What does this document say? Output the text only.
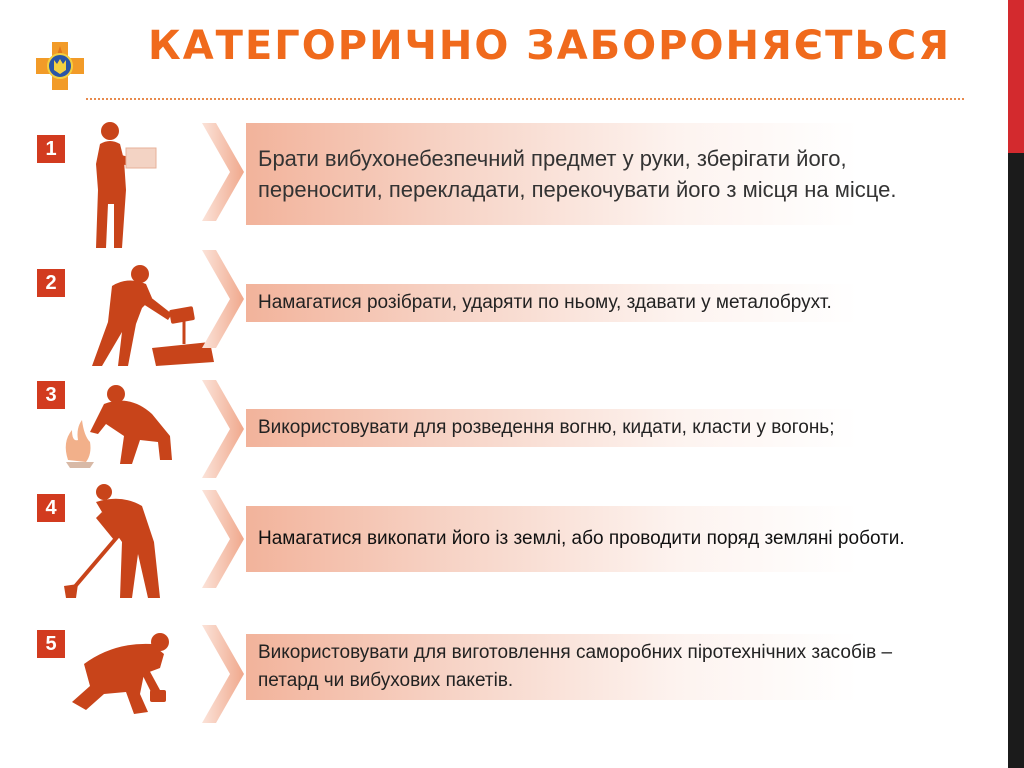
КАТЕГОРИЧНО ЗАБОРОНЯЄТЬСЯ
1	Брати вибухонебезпечний предмет у руки, зберігати його, переносити, перекладати, перекочувати його з місця на місце.
2
Намагатися розібрати, ударяти по ньому, здавати у металобрухт.
3
Використовувати для розведення вогню, кидати, класти у вогонь;
4
Намагатися викопати його із землі, або проводити поряд земляні роботи.
5	Використовувати для виготовлення саморобних піротехнічних засобів – петард чи вибухових пакетів.
